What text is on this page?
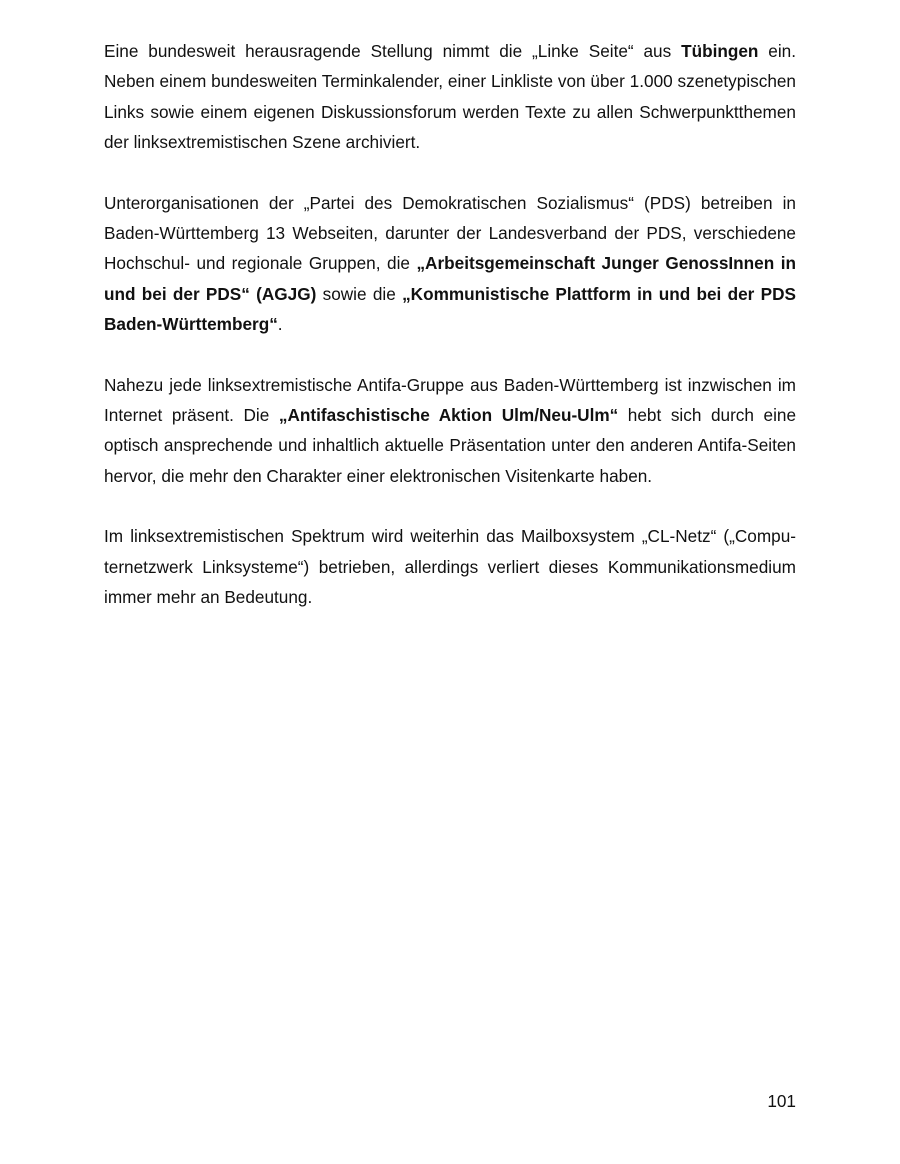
Eine bundesweit herausragende Stellung nimmt die „Linke Seite“ aus Tübingen ein. Neben einem bundesweiten Terminkalender, einer Linkliste von über 1.000 szenetypischen Links sowie einem eigenen Diskussionsforum werden Texte zu allen Schwerpunktthemen der linksextremistischen Szene archiviert.

Unterorganisationen der „Partei des Demokratischen Sozialismus“ (PDS) betreiben in Baden-Württemberg 13 Webseiten, darunter der Landesverband der PDS, verschiedene Hochschul- und regionale Gruppen, die „Arbeitsgemeinschaft Junger GenossInnen in und bei der PDS“ (AGJG) sowie die „Kommunistische Plattform in und bei der PDS Baden-Württemberg“.

Nahezu jede linksextremistische Antifa-Gruppe aus Baden-Württemberg ist inzwischen im Internet präsent. Die „Antifaschistische Aktion Ulm/Neu-Ulm“ hebt sich durch eine optisch ansprechende und inhaltlich aktuelle Präsentation unter den anderen Antifa-Seiten hervor, die mehr den Charakter einer elektronischen Visitenkarte haben.

Im linksextremistischen Spektrum wird weiterhin das Mailboxsystem „CL-Netz“ („Computernetzwerk Linksysteme“) betrieben, allerdings verliert dieses Kommunikationsmedium immer mehr an Bedeutung.

101
